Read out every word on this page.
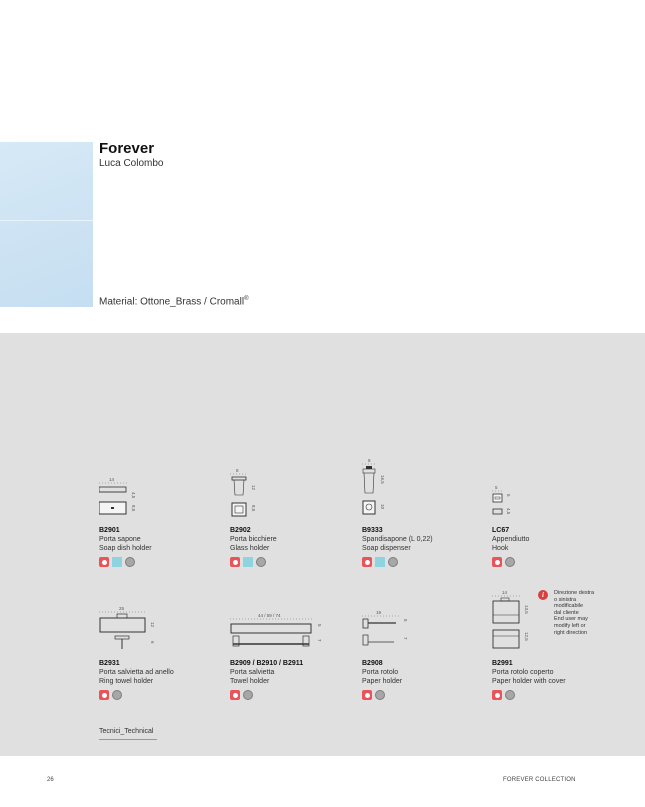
Forever
Luca Colombo
Material: Ottone_Brass / Cromall®
14
4,5
8,5
B2901
Porta sapone
Soap dish holder
8
12
8,5
B2902
Porta bicchiere
Glass holder
8
16,5
10
B9333
Spandisapone (L 0,22)
Soap dispenser
5
5
4,5
LC67
Appendiutto
Hook
25
12
6
B2931
Porta salvietta ad anello
Ring towel holder
44 / 59 / 74
5
7
B2909 / B2910 / B2911
Porta salvietta
Towel holder
19
5
7
B2908
Porta rotolo
Paper holder
14
13,5
12,5
B2991
Porta rotolo coperto
Paper holder with cover
i	Direzione destra
o sinistra
modificabile
dal cliente
End user may
modify left or
right direction
Tecnici_Technical
26	FOREVER COLLECTION
